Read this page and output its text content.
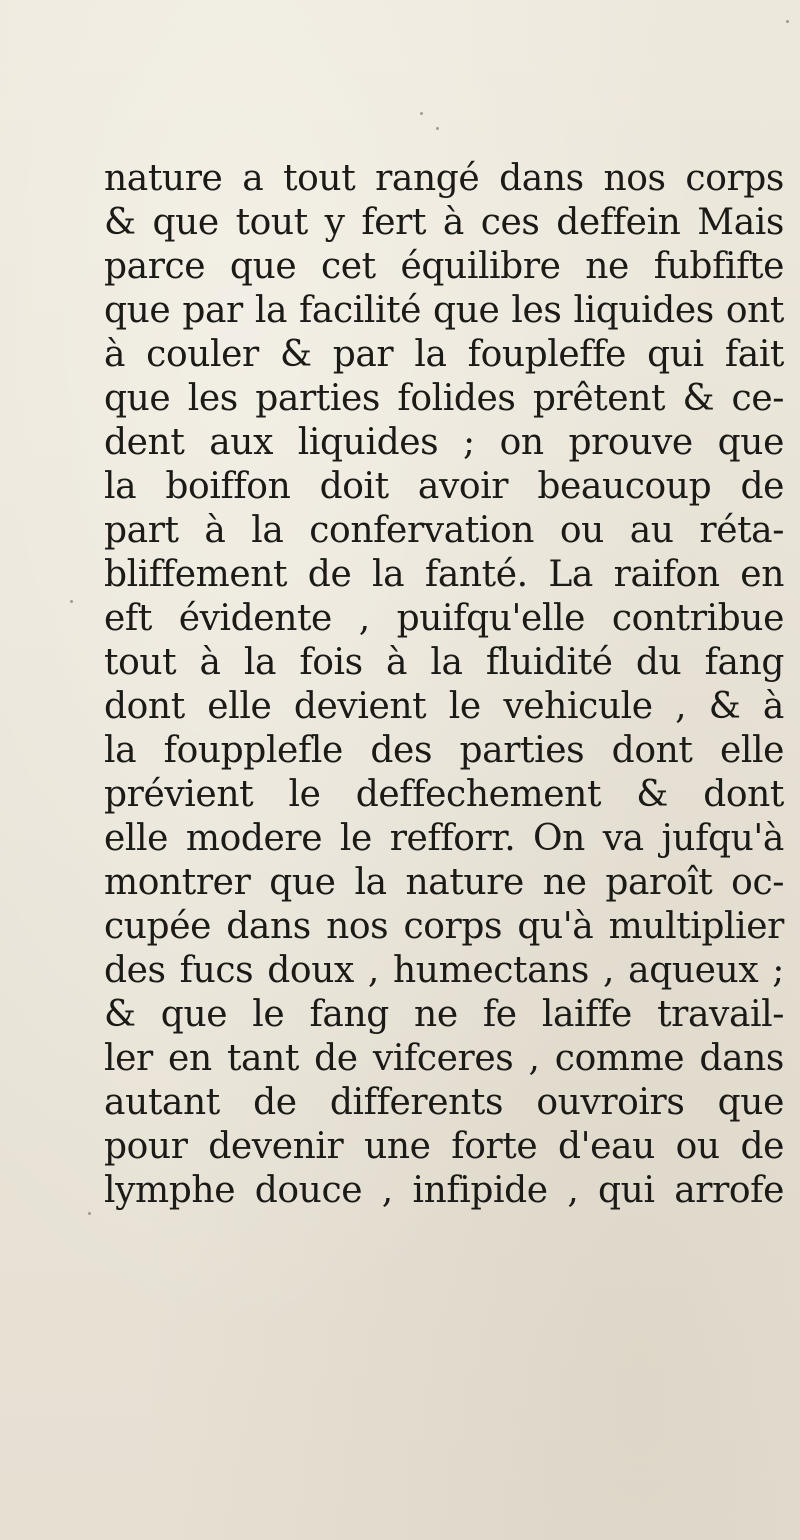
nature a tout rangé dans nos corps
& que tout y fert à ces deffein Mais
parce que cet équilibre ne fubfifte
que par la facilité que les liquides ont
à couler & par la foupleffe qui fait
que les parties folides prêtent & ce-
dent aux liquides ; on prouve que
la boiffon doit avoir beaucoup de
part à la confervation ou au réta-
bliffement de la fanté. La raifon en
eft évidente , puifqu'elle contribue
tout à la fois à la fluidité du fang
dont elle devient le vehicule , & à
la foupplefle des parties dont elle
prévient le deffechement & dont
elle modere le refforr. On va jufqu'à
montrer que la nature ne paroît oc-
cupée dans nos corps qu'à multiplier
des fucs doux , humectans , aqueux ;
& que le fang ne fe laiffe travail-
ler en tant de vifceres , comme dans
autant de differents ouvroirs que
pour devenir une forte d'eau ou de
lymphe douce , infipide , qui arrofe
